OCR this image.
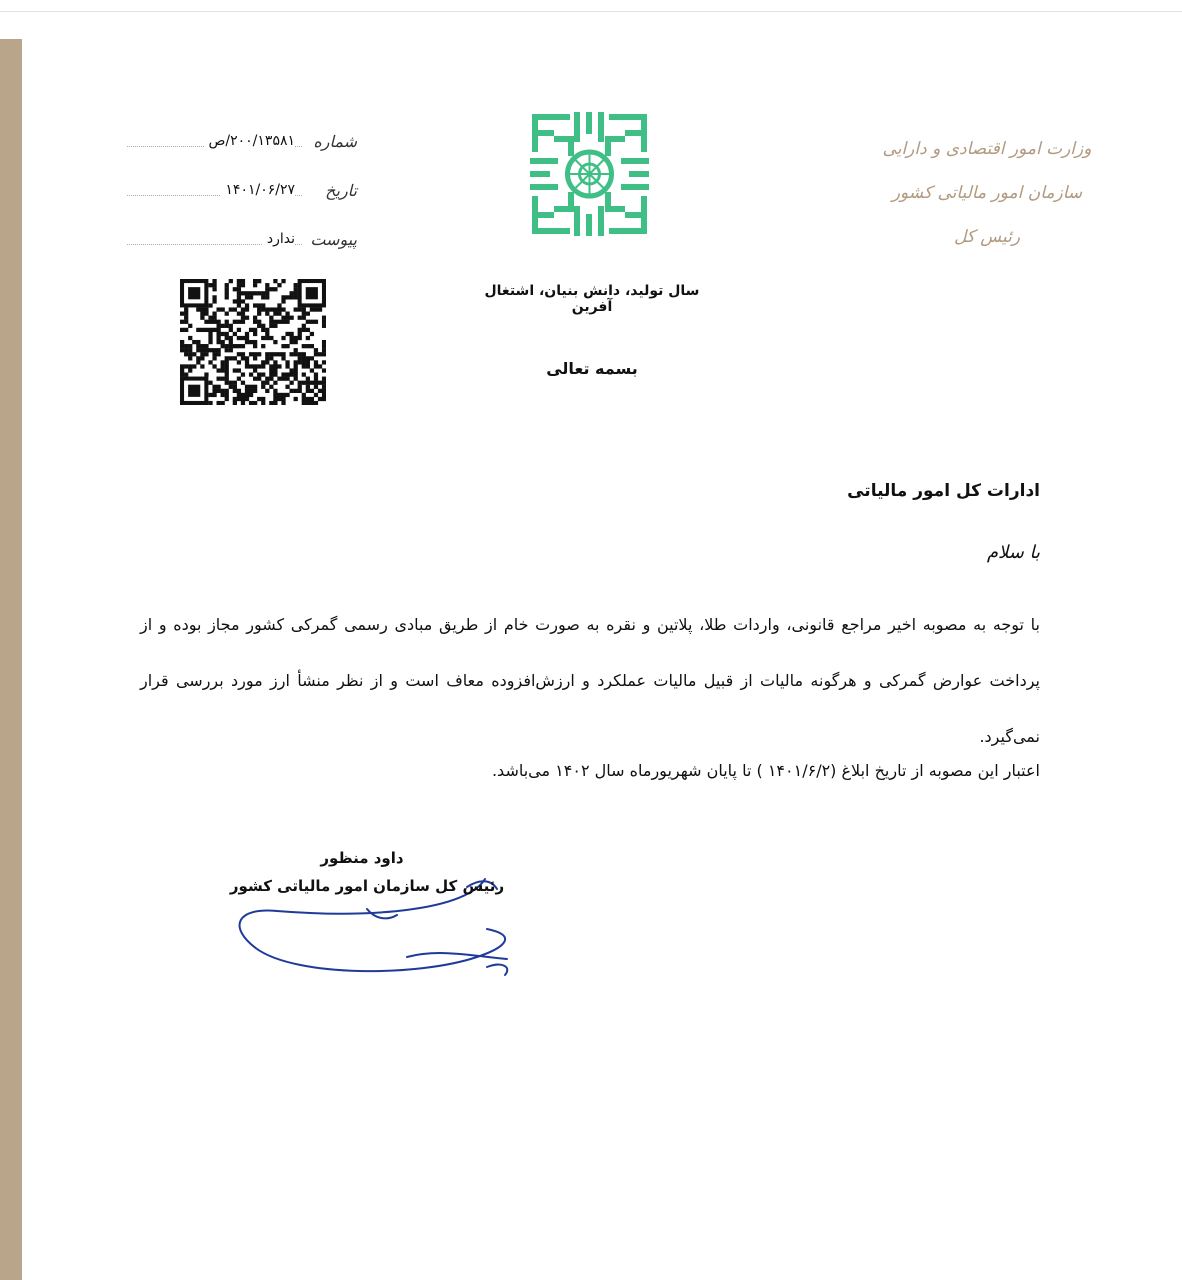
وزارت امور اقتصادی و دارایی
سازمان امور مالیاتی کشور
رئیس کل
سال تولید، دانش بنیان، اشتغال آفرین
بسمه تعالی
۲۰۰/۱۳۵۸۱/ص شماره
۱۴۰۱/۰۶/۲۷ تاریخ
ندارد پیوست
ادارات کل امور مالیاتی
با سلام
با توجه به مصوبه اخیر مراجع قانونی، واردات طلا، پلاتین و نقره به صورت خام از طریق مبادی رسمی گمرکی کشور مجاز بوده و از پرداخت عوارض گمرکی و هرگونه مالیات از قبیل مالیات عملکرد و ارزش‌افزوده معاف است و از نظر منشأ ارز مورد بررسی قرار نمی‌گیرد.
اعتبار این مصوبه از تاریخ ابلاغ (۱۴۰۱/۶/۲ ) تا پایان شهریورماه سال ۱۴۰۲ می‌باشد.
داود منظور
رئیس کل سازمان امور مالیاتی کشور
